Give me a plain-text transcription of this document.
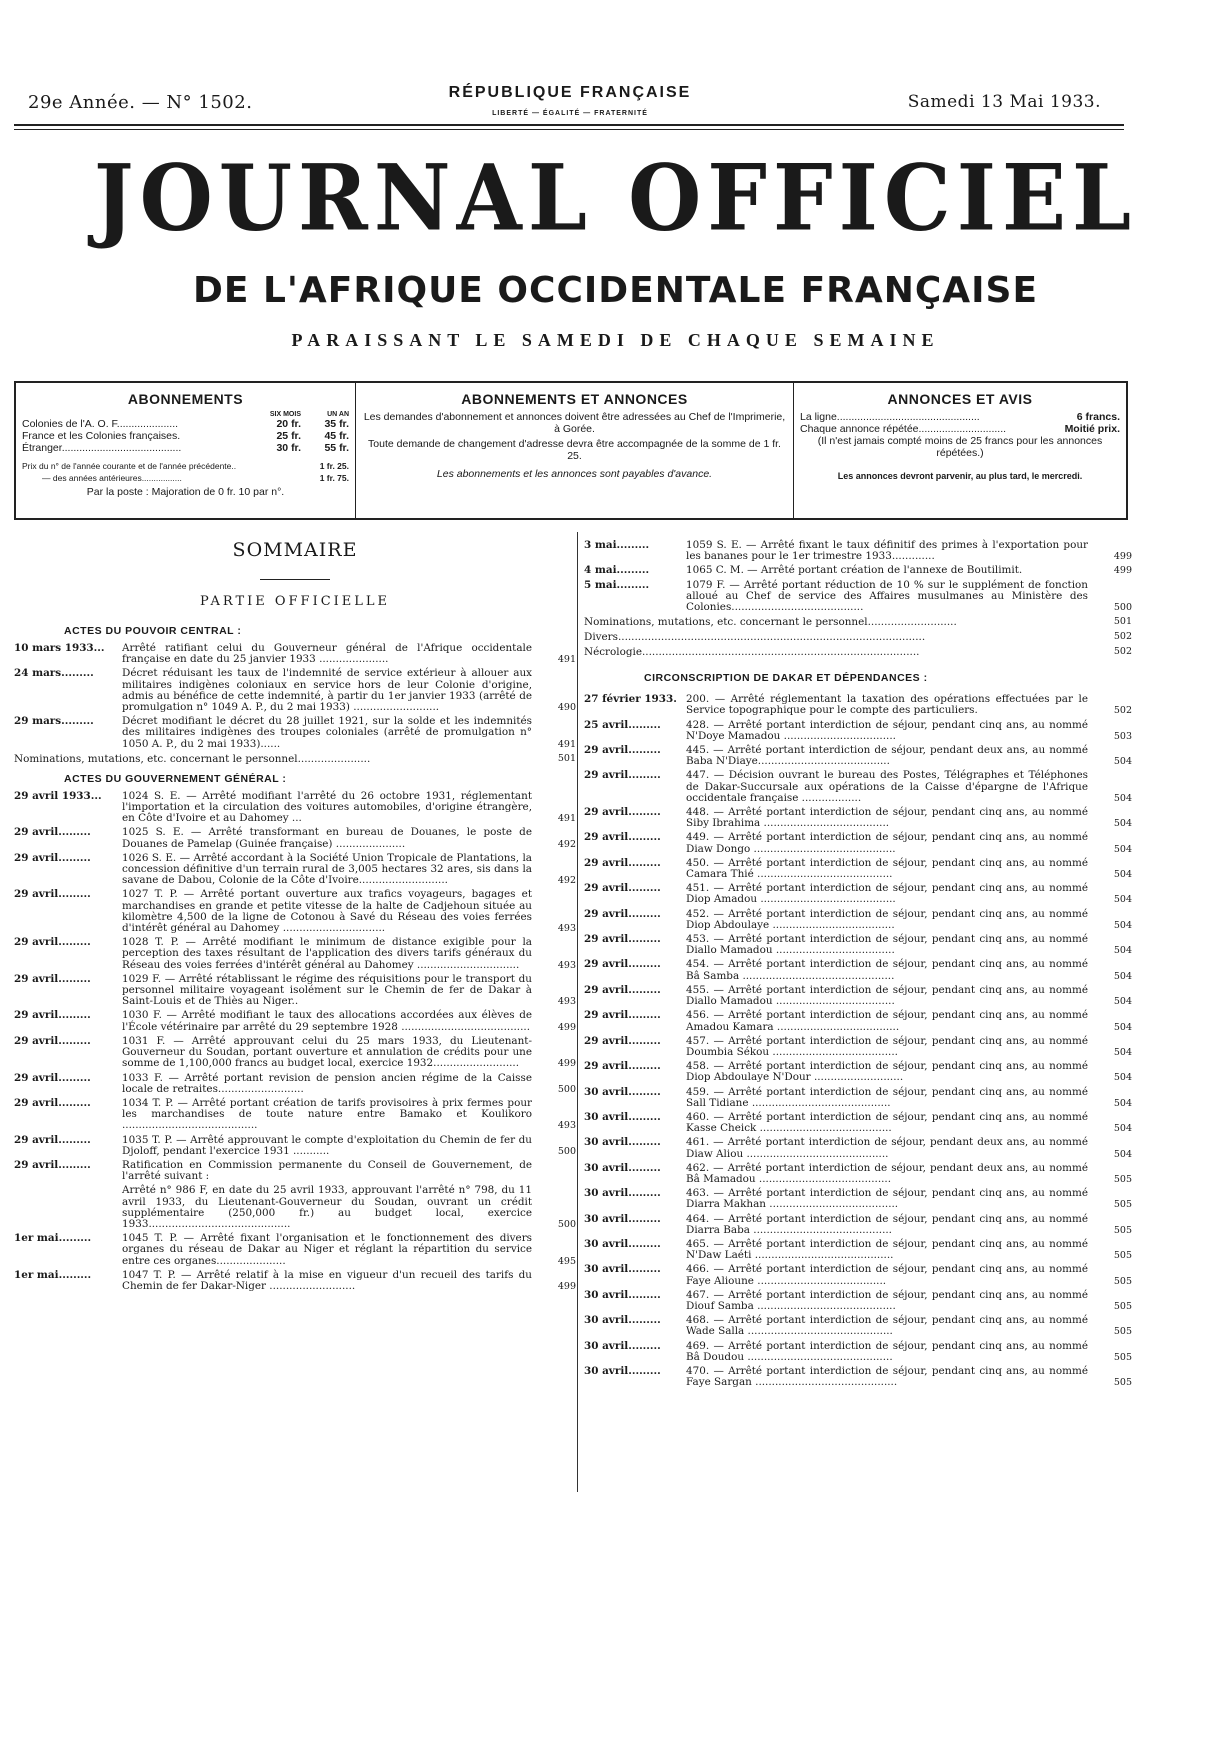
29e Année. — N° 1502.	RÉPUBLIQUE FRANÇAISE
LIBERTÉ — ÉGALITÉ — FRATERNITÉ
Samedi 13 Mai 1933.
JOURNAL OFFICIEL
DE L'AFRIQUE OCCIDENTALE FRANÇAISE
PARAISSANT LE SAMEDI DE CHAQUE SEMAINE
ABONNEMENTS
SIX MOIS	UN AN
Colonies de l'A. O. F.....................	20 fr.	35 fr.
France et les Colonies françaises.	25 fr.	45 fr.
Étranger.........................................	30 fr.	55 fr.
Prix du n° de l'année courante et de l'année précédente..	1 fr. 25.
— des années antérieures.................	1 fr. 75.
Par la poste : Majoration de 0 fr. 10 par n°.
ABONNEMENTS ET ANNONCES

Les demandes d'abonnement et annonces doivent être adressées au Chef de l'Imprimerie, à Gorée.

Toute demande de changement d'adresse devra être accompagnée de la somme de 1 fr. 25.

Les abonnements et les annonces sont payables d'avance.

ANNONCES ET AVIS
La ligne.................................................	6 francs.
Chaque annonce répétée..............................	Moitié prix.
(Il n'est jamais compté moins de 25 francs pour les annonces répétées.)
Les annonces devront parvenir, au plus tard, le mercredi.
SOMMAIRE
PARTIE OFFICIELLE
ACTES DU POUVOIR CENTRAL :
10 mars 1933...	Arrêté ratifiant celui du Gouverneur général de l'Afrique occidentale française en date du 25 janvier 1933 .....................	491
24 mars.........	Décret réduisant les taux de l'indemnité de service extérieur à allouer aux militaires indigènes coloniaux en service hors de leur Colonie d'origine, admis au bénéfice de cette indemnité, à partir du 1er janvier 1933 (arrêté de promulgation n° 1049 A. P., du 2 mai 1933) ..........................	490
29 mars.........	Décret modifiant le décret du 28 juillet 1921, sur la solde et les indemnités des militaires indigènes des troupes coloniales (arrêté de promulgation n° 1050 A. P., du 2 mai 1933)......	491
Nominations, mutations, etc. concernant le personnel......................	501
ACTES DU GOUVERNEMENT GÉNÉRAL :
29 avril 1933...	1024 S. E. — Arrêté modifiant l'arrêté du 26 octobre 1931, réglementant l'importation et la circulation des voitures automobiles, d'origine étrangère, en Côte d'Ivoire et au Dahomey ...	491
29 avril.........	1025 S. E. — Arrêté transformant en bureau de Douanes, le poste de Douanes de Pamelap (Guinée française) .....................	492
29 avril.........	1026 S. E. — Arrêté accordant à la Société Union Tropicale de Plantations, la concession définitive d'un terrain rural de 3,005 hectares 32 ares, sis dans la savane de Dabou, Colonie de la Côte d'Ivoire...........................	492
29 avril.........	1027 T. P. — Arrêté portant ouverture aux trafics voyageurs, bagages et marchandises en grande et petite vitesse de la halte de Cadjehoun située au kilomètre 4,500 de la ligne de Cotonou à Savé du Réseau des voies ferrées d'intérêt général au Dahomey ...............................	493
29 avril.........	1028 T. P. — Arrêté modifiant le minimum de distance exigible pour la perception des taxes résultant de l'application des divers tarifs généraux du Réseau des voies ferrées d'intérêt général au Dahomey ...............................	493
29 avril.........	1029 F. — Arrêté rétablissant le régime des réquisitions pour le transport du personnel militaire voyageant isolément sur le Chemin de fer de Dakar à Saint-Louis et de Thiès au Niger..	493
29 avril.........	1030 F. — Arrêté modifiant le taux des allocations accordées aux élèves de l'École vétérinaire par arrêté du 29 septembre 1928 .......................................	499
29 avril.........	1031 F. — Arrêté approuvant celui du 25 mars 1933, du Lieutenant-Gouverneur du Soudan, portant ouverture et annulation de crédits pour une somme de 1,100,000 francs au budget local, exercice 1932..........................	499
29 avril.........	1033 F. — Arrêté portant revision de pension ancien régime de la Caisse locale de retraites..........................	500
29 avril.........	1034 T. P. — Arrêté portant création de tarifs provisoires à prix fermes pour les marchandises de toute nature entre Bamako et Koulikoro .........................................	493
29 avril.........	1035 T. P. — Arrêté approuvant le compte d'exploitation du Chemin de fer du Djoloff, pendant l'exercice 1931 ...........	500
29 avril.........	Ratification en Commission permanente du Conseil de Gouvernement, de l'arrêté suivant :
Arrêté n° 986 F, en date du 25 avril 1933, approuvant l'arrêté n° 798, du 11 avril 1933, du Lieutenant-Gouverneur du Soudan, ouvrant un crédit supplémentaire (250,000 fr.) au budget local, exercice 1933...........................................	500
1er mai.........	1045 T. P. — Arrêté fixant l'organisation et le fonctionnement des divers organes du réseau de Dakar au Niger et réglant la répartition du service entre ces organes.....................	495
1er mai.........	1047 T. P. — Arrêté relatif à la mise en vigueur d'un recueil des tarifs du Chemin de fer Dakar-Niger ..........................	499
3 mai.........	1059 S. E. — Arrêté fixant le taux définitif des primes à l'exportation pour les bananes pour le 1er trimestre 1933.............	499
4 mai.........	1065 C. M. — Arrêté portant création de l'annexe de Boutilimit.	499
5 mai.........	1079 F. — Arrêté portant réduction de 10 % sur le supplément de fonction alloué au Chef de service des Affaires musulmanes au Ministère des Colonies........................................	500
Nominations, mutations, etc. concernant le personnel...........................	501
Divers.............................................................................................	502
Nécrologie....................................................................................	502
CIRCONSCRIPTION DE DAKAR ET DÉPENDANCES :
27 février 1933. 200. — Arrêté réglementant la taxation des opérations effectuées par le Service topographique pour le compte des particuliers.	502
25 avril.........	428. — Arrêté portant interdiction de séjour, pendant cinq ans, au nommé N'Doye Mamadou ..................................	503
29 avril.........	445. — Arrêté portant interdiction de séjour, pendant deux ans, au nommé Baba N'Diaye........................................	504
29 avril.........	447. — Décision ouvrant le bureau des Postes, Télégraphes et Téléphones de Dakar-Succursale aux opérations de la Caisse d'épargne de l'Afrique occidentale française ..................	504
29 avril.........	448. — Arrêté portant interdiction de séjour, pendant cinq ans, au nommé Siby Ibrahima ......................................	504
29 avril.........	449. — Arrêté portant interdiction de séjour, pendant cinq ans, au nommé Diaw Dongo ...........................................	504
29 avril.........	450. — Arrêté portant interdiction de séjour, pendant cinq ans, au nommé Camara Thié .........................................	504
29 avril.........	451. — Arrêté portant interdiction de séjour, pendant cinq ans, au nommé Diop Amadou .........................................	504
29 avril.........	452. — Arrêté portant interdiction de séjour, pendant cinq ans, au nommé Diop Abdoulaye .....................................	504
29 avril.........	453. — Arrêté portant interdiction de séjour, pendant cinq ans, au nommé Diallo Mamadou ....................................	504
29 avril.........	454. — Arrêté portant interdiction de séjour, pendant cinq ans, au nommé Bâ Samba ..............................................	504
29 avril.........	455. — Arrêté portant interdiction de séjour, pendant cinq ans, au nommé Diallo Mamadou ....................................	504
29 avril.........	456. — Arrêté portant interdiction de séjour, pendant cinq ans, au nommé Amadou Kamara .....................................	504
29 avril.........	457. — Arrêté portant interdiction de séjour, pendant cinq ans, au nommé Doumbia Sékou ......................................	504
29 avril.........	458. — Arrêté portant interdiction de séjour, pendant cinq ans, au nommé Diop Abdoulaye N'Dour ...........................	504
30 avril.........	459. — Arrêté portant interdiction de séjour, pendant cinq ans, au nommé Sall Tidiane ..........................................	504
30 avril.........	460. — Arrêté portant interdiction de séjour, pendant cinq ans, au nommé Kasse Cheick ........................................	504
30 avril.........	461. — Arrêté portant interdiction de séjour, pendant deux ans, au nommé Diaw Aliou ...........................................	504
30 avril.........	462. — Arrêté portant interdiction de séjour, pendant deux ans, au nommé Bâ Mamadou ........................................	505
30 avril.........	463. — Arrêté portant interdiction de séjour, pendant cinq ans, au nommé Diarra Makhan .......................................	505
30 avril.........	464. — Arrêté portant interdiction de séjour, pendant cinq ans, au nommé Diarra Baba ..........................................	505
30 avril.........	465. — Arrêté portant interdiction de séjour, pendant cinq ans, au nommé N'Daw Laéti ..........................................	505
30 avril.........	466. — Arrêté portant interdiction de séjour, pendant cinq ans, au nommé Faye Alioune .......................................	505
30 avril.........	467. — Arrêté portant interdiction de séjour, pendant cinq ans, au nommé Diouf Samba ..........................................	505
30 avril.........	468. — Arrêté portant interdiction de séjour, pendant cinq ans, au nommé Wade Salla ............................................	505
30 avril.........	469. — Arrêté portant interdiction de séjour, pendant cinq ans, au nommé Bâ Doudou ............................................	505
30 avril.........	470. — Arrêté portant interdiction de séjour, pendant cinq ans, au nommé Faye Sargan ...........................................	505
